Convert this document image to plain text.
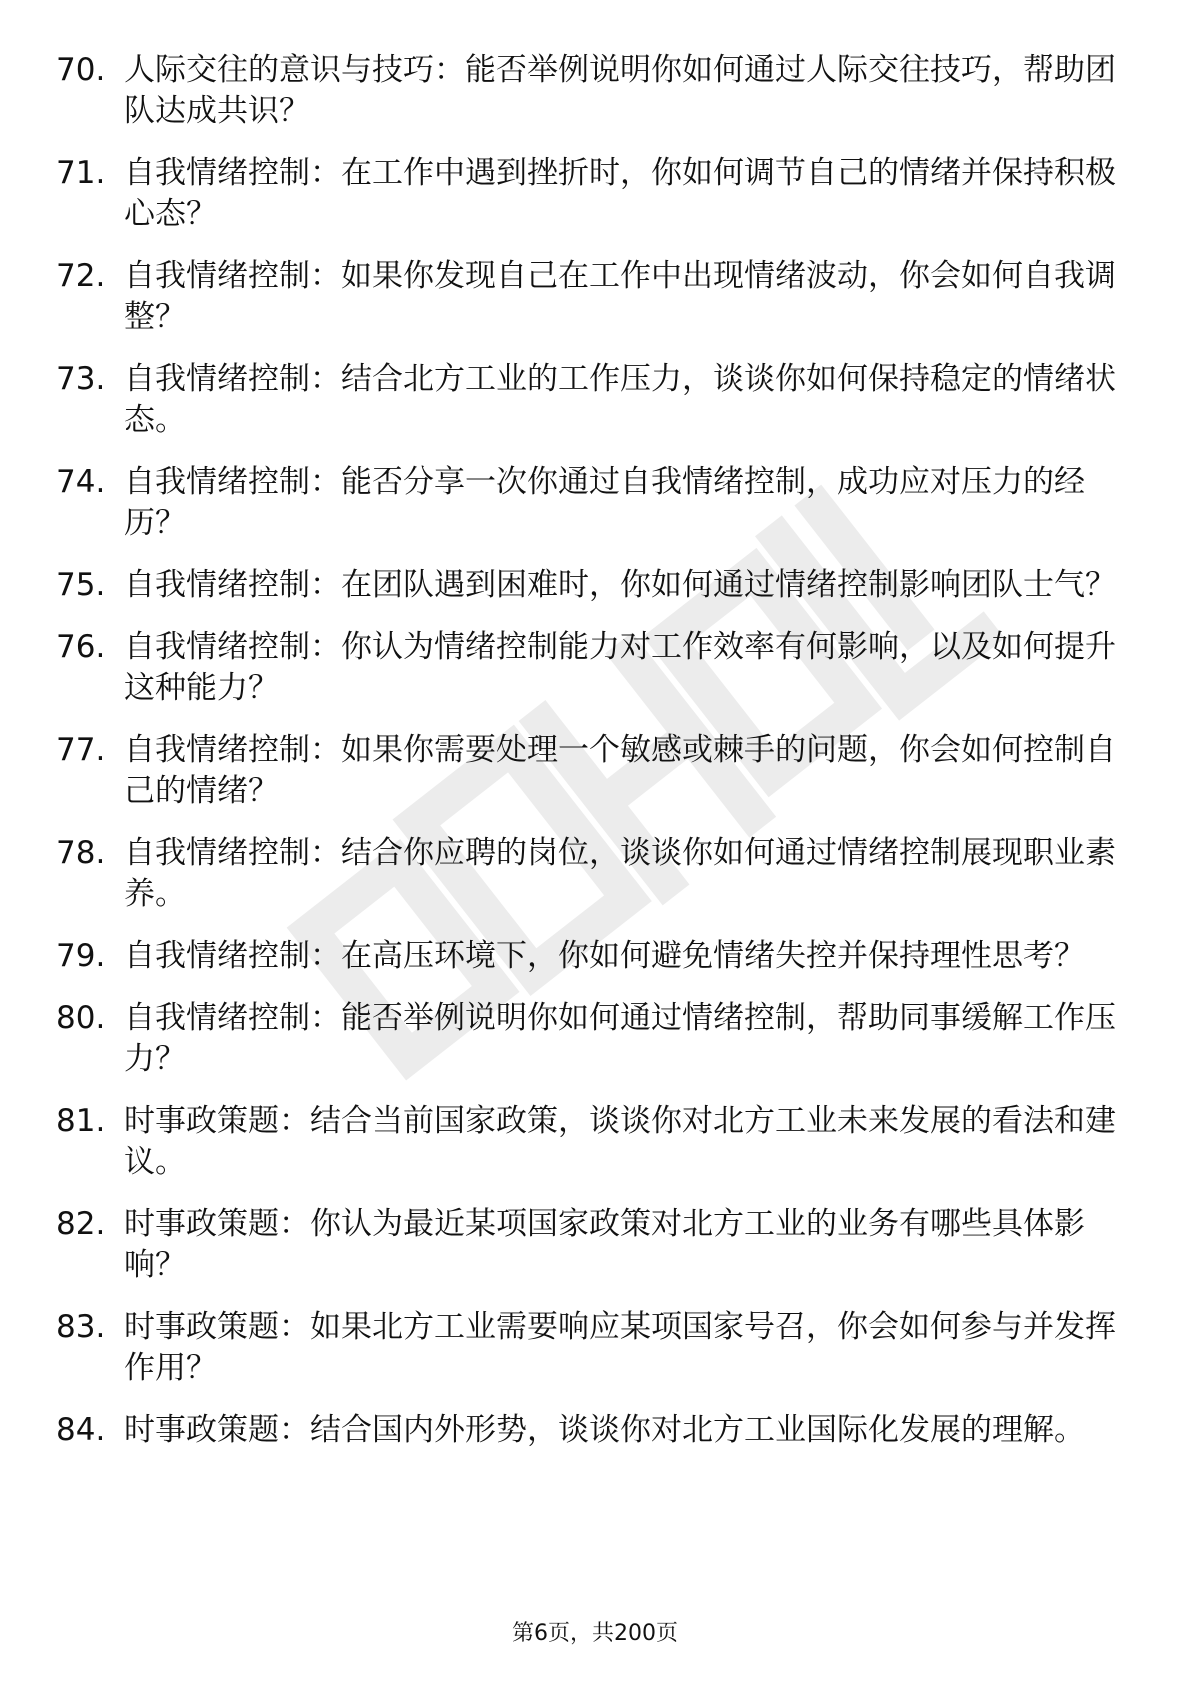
70. 人际交往的意识与技巧：能否举例说明你如何通过人际交往技巧，帮助团队达成共识？
71. 自我情绪控制：在工作中遇到挫折时，你如何调节自己的情绪并保持积极心态？
72. 自我情绪控制：如果你发现自己在工作中出现情绪波动，你会如何自我调整？
73. 自我情绪控制：结合北方工业的工作压力，谈谈你如何保持稳定的情绪状态。
74. 自我情绪控制：能否分享一次你通过自我情绪控制，成功应对压力的经历？
75. 自我情绪控制：在团队遇到困难时，你如何通过情绪控制影响团队士气？
76. 自我情绪控制：你认为情绪控制能力对工作效率有何影响，以及如何提升这种能力？
77. 自我情绪控制：如果你需要处理一个敏感或棘手的问题，你会如何控制自己的情绪？
78. 自我情绪控制：结合你应聘的岗位，谈谈你如何通过情绪控制展现职业素养。
79. 自我情绪控制：在高压环境下，你如何避免情绪失控并保持理性思考？
80. 自我情绪控制：能否举例说明你如何通过情绪控制，帮助同事缓解工作压力？
81. 时事政策题：结合当前国家政策，谈谈你对北方工业未来发展的看法和建议。
82. 时事政策题：你认为最近某项国家政策对北方工业的业务有哪些具体影响？
83. 时事政策题：如果北方工业需要响应某项国家号召，你会如何参与并发挥作用？
84. 时事政策题：结合国内外形势，谈谈你对北方工业国际化发展的理解。
第6页，共200页
